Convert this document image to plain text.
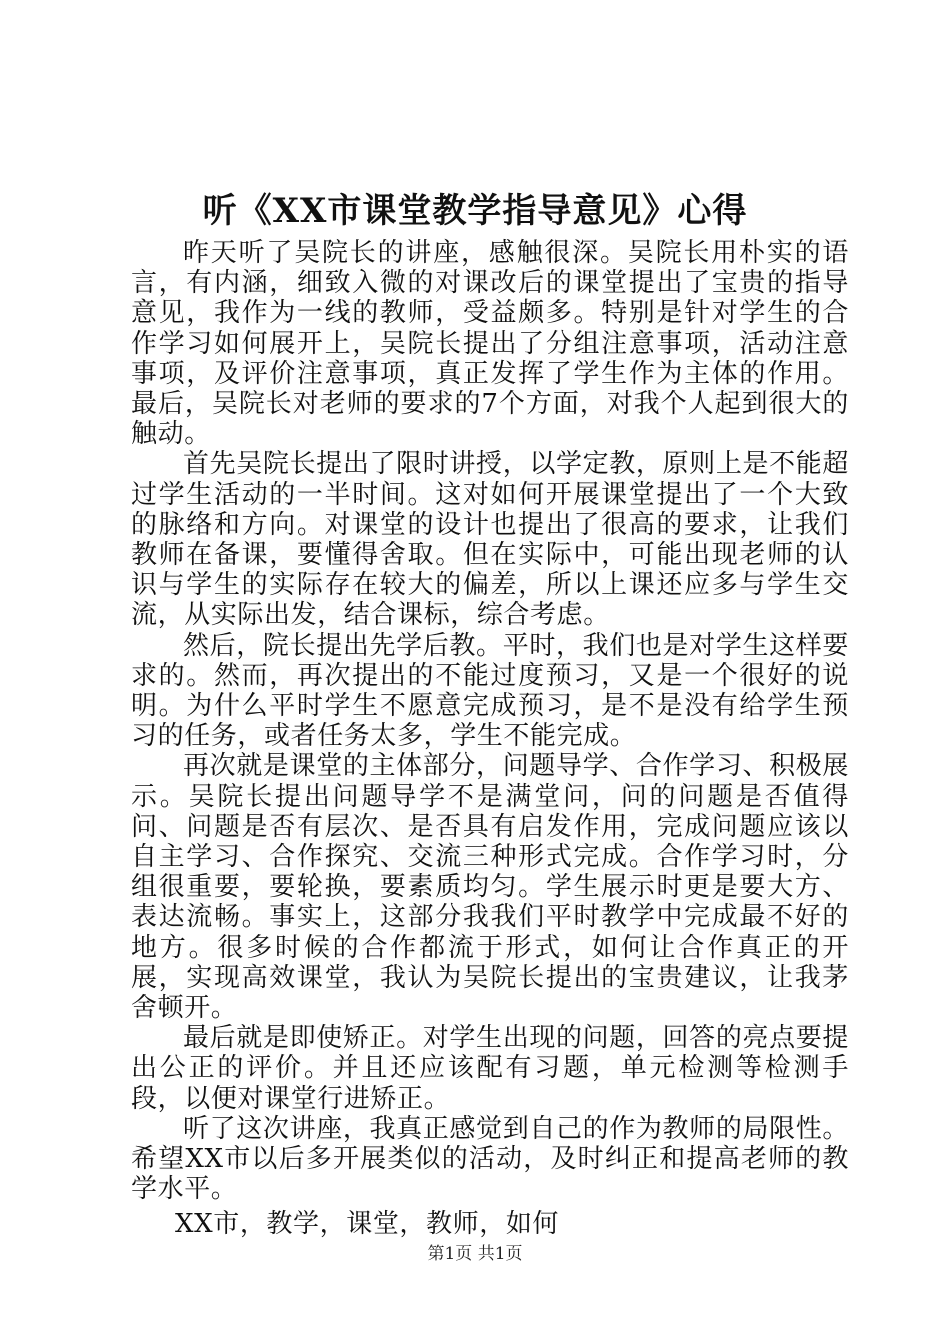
听《XX市课堂教学指导意见》心得

昨天听了吴院长的讲座，感触很深。吴院长用朴实的语言，有内涵，细致入微的对课改后的课堂提出了宝贵的指导意见，我作为一线的教师，受益颇多。特别是针对学生的合作学习如何展开上，吴院长提出了分组注意事项，活动注意事项，及评价注意事项，真正发挥了学生作为主体的作用。最后，吴院长对老师的要求的7个方面，对我个人起到很大的触动。

首先吴院长提出了限时讲授，以学定教，原则上是不能超过学生活动的一半时间。这对如何开展课堂提出了一个大致的脉络和方向。对课堂的设计也提出了很高的要求，让我们教师在备课，要懂得舍取。但在实际中，可能出现老师的认识与学生的实际存在较大的偏差，所以上课还应多与学生交流，从实际出发，结合课标，综合考虑。

然后，院长提出先学后教。平时，我们也是对学生这样要求的。然而，再次提出的不能过度预习，又是一个很好的说明。为什么平时学生不愿意完成预习，是不是没有给学生预习的任务，或者任务太多，学生不能完成。

再次就是课堂的主体部分，问题导学、合作学习、积极展示。吴院长提出问题导学不是满堂问，问的问题是否值得问、问题是否有层次、是否具有启发作用，完成问题应该以自主学习、合作探究、交流三种形式完成。合作学习时，分组很重要，要轮换，要素质均匀。学生展示时更是要大方、表达流畅。事实上，这部分我我们平时教学中完成最不好的地方。很多时候的合作都流于形式，如何让合作真正的开展，实现高效课堂，我认为吴院长提出的宝贵建议，让我茅舍顿开。

最后就是即使矫正。对学生出现的问题，回答的亮点要提出公正的评价。并且还应该配有习题，单元检测等检测手段，以便对课堂行进矫正。

听了这次讲座，我真正感觉到自己的作为教师的局限性。希望XX市以后多开展类似的活动，及时纠正和提高老师的教学水平。

XX市，教学，课堂，教师，如何

第1页 共1页
